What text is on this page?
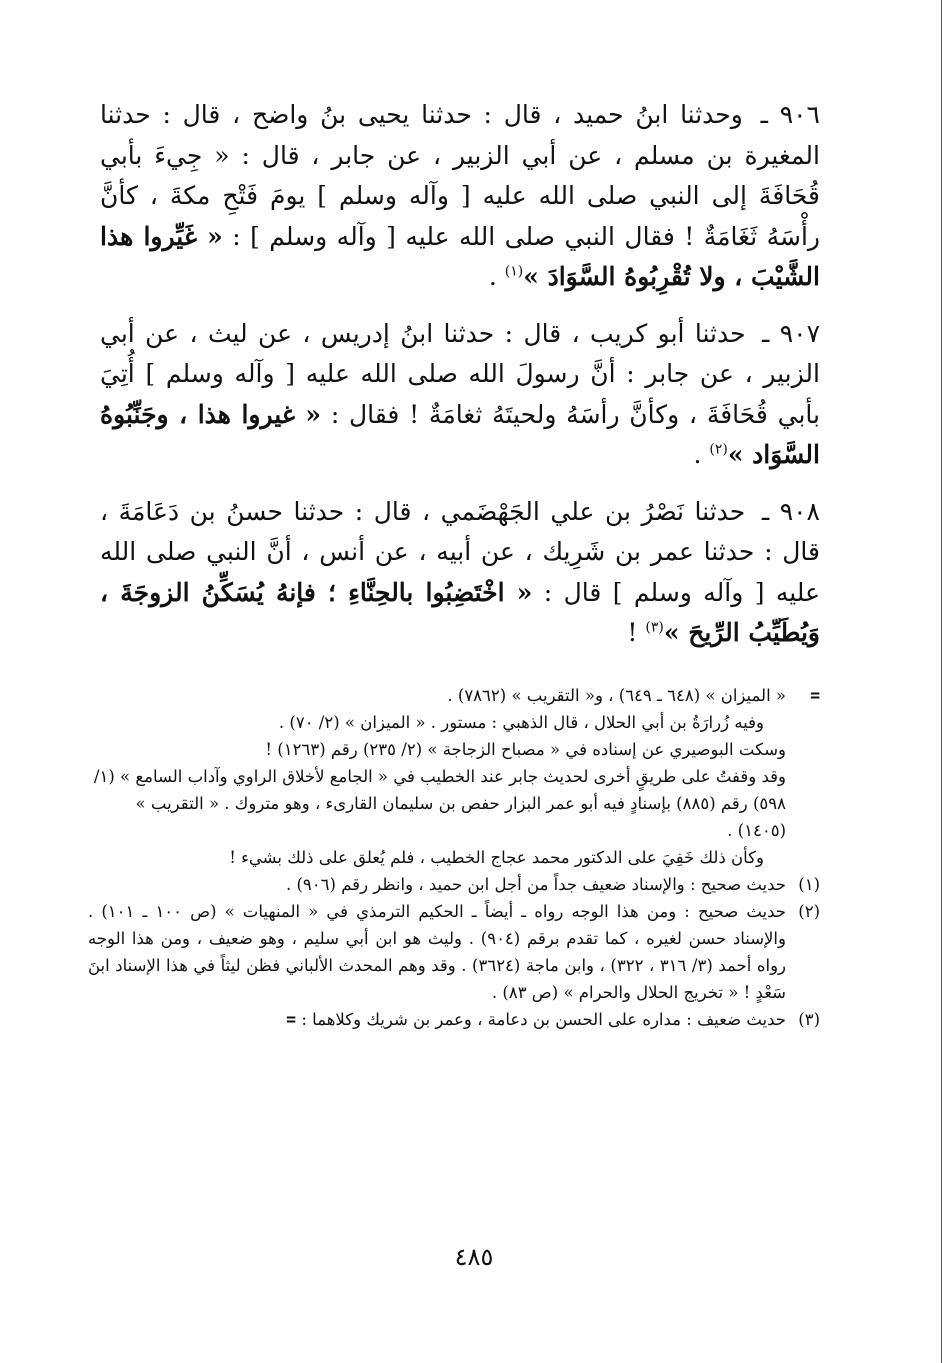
٩٠٦ ـ وحدثنا ابنُ حميد ، قال : حدثنا يحيى بنُ واضح ، قال : حدثنا المغيرة بن مسلم ، عن أبي الزبير ، عن جابر ، قال : « جِيءَ بأبي قُحَافَةَ إلى النبي صلى الله عليه [ وآله وسلم ] يومَ فَتْحِ مكةَ ، كأنَّ رأْسَهُ ثَغَامَةٌ ! فقال النبي صلى الله عليه [ وآله وسلم ] : « غَيِّروا هذا الشَّيْبَ ، ولا تُقْرِبُوهُ السَّوَادَ »$^{(١)}$ .

٩٠٧ ـ حدثنا أبو كريب ، قال : حدثنا ابنُ إدريس ، عن ليث ، عن أبي الزبير ، عن جابر : أنَّ رسولَ الله صلى الله عليه [ وآله وسلم ] أُتِيَ بأبي قُحَافَةَ ، وكأنَّ رأسَهُ ولحيتَهُ ثغامَةٌ ! فقال : « غيروا هذا ، وجَنِّبُوهُ السَّوَاد »$^{(٢)}$ .

٩٠٨ ـ حدثنا نَصْرُ بن علي الجَهْضَمي ، قال : حدثنا حسنُ بن دَعَامَةَ ، قال : حدثنا عمر بن شَرِيك ، عن أبيه ، عن أنس ، أنَّ النبي صلى الله عليه [ وآله وسلم ] قال : « اخْتَضِبُوا بالحِنَّاءِ ؛ فإنهُ يُسَكِّنُ الزوجَةَ ، وَيُطَيِّبُ الرِّيحَ »$^{(٣)}$ !

=
« الميزان » (٦٤٨ ـ ٦٤٩) ، و« التقريب » (٧٨٦٢) .
وفيه زُرارَةُ بن أبي الحلال ، قال الذهبي : مستور . « الميزان » (٢/ ٧٠) .
وسكت البوصيري عن إسناده في « مصباح الزجاجة » (٢/ ٢٣٥) رقم (١٢٦٣) !
وقد وقفتُ على طريقٍ أخرى لحديث جابر عند الخطيب في « الجامع لأخلاق الراوي وآداب السامع » (١/ ٥٩٨) رقم (٨٨٥) بإسنادٍ فيه أبو عمر البزار حفص بن سليمان القارىء ، وهو متروك . « التقريب » (١٤٠٥) .
وكأن ذلك خَفِيَ على الدكتور محمد عجاج الخطيب ، فلم يُعلق على ذلك بشيء !
(١)
حديث صحيح : والإسناد ضعيف جداً من أجل ابن حميد ، وانظر رقم (٩٠٦) .
(٢)
حديث صحيح : ومن هذا الوجه رواه ـ أيضاً ـ الحكيم الترمذي في « المنهيات » (ص ١٠٠ ـ ١٠١) . والإسناد حسن لغيره ، كما تقدم برقم (٩٠٤) . وليث هو ابن أبي سليم ، وهو ضعيف ، ومن هذا الوجه رواه أحمد (٣/ ٣١٦ ، ٣٢٢) ، وابن ماجة (٣٦٢٤) . وقد وهم المحدث الألباني فظن ليثاً في هذا الإسناد ابنَ سَعْدٍ ! « تخريج الحلال والحرام » (ص ٨٣) .
(٣)
حديث ضعيف : مداره على الحسن بن دعامة ، وعمر بن شريك وكلاهما : =
٤٨٥
